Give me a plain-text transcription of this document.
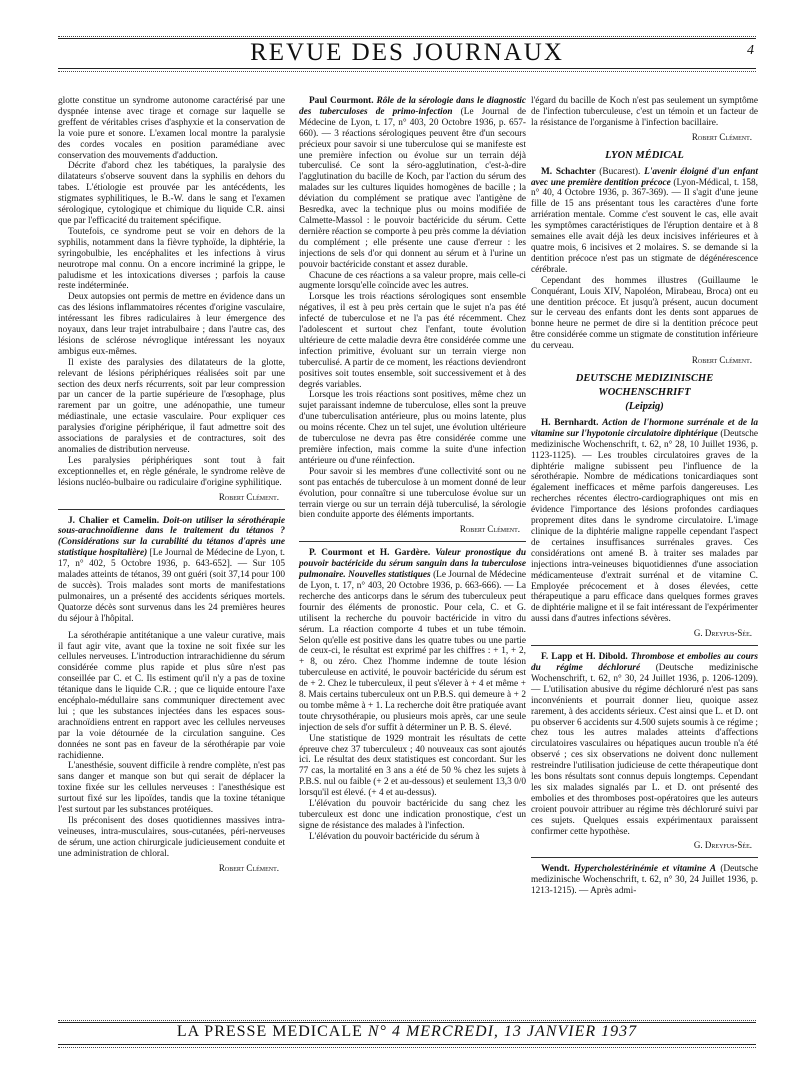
REVUE DES JOURNAUX	4

glotte constitue un syndrome autonome caractérisé par une dyspnée intense avec tirage et cornage sur laquelle se greffent de véritables crises d'asphyxie et la conservation de la voie pure et sonore. L'examen local montre la paralysie des cordes vocales en position paramédiane avec conservation des mouvements d'adduction.

Décrite d'abord chez les tabétiques, la paralysie des dilatateurs s'observe souvent dans la syphilis en dehors du tabes. L'étiologie est prouvée par les antécédents, les stigmates syphilitiques, le B.-W. dans le sang et l'examen sérologique, cytologique et chimique du liquide C.R. ainsi que par l'efficacité du traitement spécifique.

Toutefois, ce syndrome peut se voir en dehors de la syphilis, notamment dans la fièvre typhoïde, la diphtérie, la syringobulbie, les encéphalites et les infections à virus neurotrope mal connu. On a encore incriminé la grippe, le paludisme et les intoxications diverses ; parfois la cause reste indéterminée.

Deux autopsies ont permis de mettre en évidence dans un cas des lésions inflammatoires récentes d'origine vasculaire, intéressant les fibres radiculaires à leur émergence des noyaux, dans leur trajet intrabulbaire ; dans l'autre cas, des lésions de sclérose névroglique intéressant les noyaux ambigus eux-mêmes.

Il existe des paralysies des dilatateurs de la glotte, relevant de lésions périphériques réalisées soit par une section des deux nerfs récurrents, soit par leur compression par un cancer de la partie supérieure de l'œsophage, plus rarement par un goitre, une adénopathie, une tumeur médiastinale, une ectasie vasculaire. Pour expliquer ces paralysies d'origine périphérique, il faut admettre soit des associations de paralysies et de contractures, soit des anomalies de distribution nerveuse.

Les paralysies périphériques sont tout à fait exceptionnelles et, en règle générale, le syndrome relève de lésions nucléo-bulbaire ou radiculaire d'origine syphilitique.

Robert Clément.

J. Chalier et Camelin. Doit-on utiliser la sérothérapie sous-arachnoïdienne dans le traitement du tétanos ? (Considérations sur la curabilité du tétanos d'après une statistique hospitalière) [Le Journal de Médecine de Lyon, t. 17, n° 402, 5 Octobre 1936, p. 643-652]. — Sur 105 malades atteints de tétanos, 39 ont guéri (soit 37,14 pour 100 de succès). Trois malades sont morts de manifestations pulmonaires, un a présenté des accidents sériques mortels. Quatorze décès sont survenus dans les 24 premières heures du séjour à l'hôpital.

La sérothérapie antitétanique a une valeur curative, mais il faut agir vite, avant que la toxine ne soit fixée sur les cellules nerveuses. L'introduction intrarachidienne du sérum considérée comme plus rapide et plus sûre n'est pas conseillée par C. et C. Ils estiment qu'il n'y a pas de toxine tétanique dans le liquide C.R. ; que ce liquide entoure l'axe encéphalo-médullaire sans communiquer directement avec lui ; que les substances injectées dans les espaces sous-arachnoïdiens entrent en rapport avec les cellules nerveuses par la voie détournée de la circulation sanguine. Ces données ne sont pas en faveur de la sérothérapie par voie rachidienne.

L'anesthésie, souvent difficile à rendre complète, n'est pas sans danger et manque son but qui serait de déplacer la toxine fixée sur les cellules nerveuses : l'anesthésique est surtout fixé sur les lipoïdes, tandis que la toxine tétanique l'est surtout par les substances protéiques.

Ils préconisent des doses quotidiennes massives intra-veineuses, intra-musculaires, sous-cutanées, péri-nerveuses de sérum, une action chirurgicale judicieusement conduite et une administration de chloral.

Robert Clément.

Paul Courmont. Rôle de la sérologie dans le diagnostic des tuberculoses de primo-infection (Le Journal de Médecine de Lyon, t. 17, n° 403, 20 Octobre 1936, p. 657-660). — 3 réactions sérologiques peuvent être d'un secours précieux pour savoir si une tuberculose qui se manifeste est une première infection ou évolue sur un terrain déjà tuberculisé. Ce sont la séro-agglutination, c'est-à-dire l'agglutination du bacille de Koch, par l'action du sérum des malades sur les cultures liquides homogènes de bacille ; la déviation du complément se pratique avec l'antigène de Besredka, avec la technique plus ou moins modifiée de Calmette-Massol : le pouvoir bactéricide du sérum. Cette dernière réaction se comporte à peu près comme la déviation du complément ; elle présente une cause d'erreur : les injections de sels d'or qui donnent au sérum et à l'urine un pouvoir bactéricide constant et assez durable.

Chacune de ces réactions a sa valeur propre, mais celle-ci augmente lorsqu'elle coïncide avec les autres.

Lorsque les trois réactions sérologiques sont ensemble négatives, il est à peu près certain que le sujet n'a pas été infecté de tuberculose et ne l'a pas été récemment. Chez l'adolescent et surtout chez l'enfant, toute évolution ultérieure de cette maladie devra être considérée comme une infection primitive, évoluant sur un terrain vierge non tuberculisé. A partir de ce moment, les réactions deviendront positives soit toutes ensemble, soit successivement et à des degrés variables.

Lorsque les trois réactions sont positives, même chez un sujet paraissant indemne de tuberculose, elles sont la preuve d'une tuberculisation antérieure, plus ou moins latente, plus ou moins récente. Chez un tel sujet, une évolution ultérieure de tuberculose ne devra pas être considérée comme une première infection, mais comme la suite d'une infection antérieure ou d'une réinfection.

Pour savoir si les membres d'une collectivité sont ou ne sont pas entachés de tuberculose à un moment donné de leur évolution, pour connaître si une tuberculose évolue sur un terrain vierge ou sur un terrain déjà tuberculisé, la sérologie bien conduite apporte des éléments importants.

Robert Clément.

P. Courmont et H. Gardère. Valeur pronostique du pouvoir bactéricide du sérum sanguin dans la tuberculose pulmonaire. Nouvelles statistiques (Le Journal de Médecine de Lyon, t. 17, n° 403, 20 Octobre 1936, p. 663-666). — La recherche des anticorps dans le sérum des tuberculeux peut fournir des éléments de pronostic. Pour cela, C. et G. utilisent la recherche du pouvoir bactéricide in vitro du sérum. La réaction comporte 4 tubes et un tube témoin. Selon qu'elle est positive dans les quatre tubes ou une partie de ceux-ci, le résultat est exprimé par les chiffres : + 1, + 2, + 8, ou zéro. Chez l'homme indemne de toute lésion tuberculeuse en activité, le pouvoir bactéricide du sérum est de + 2. Chez le tuberculeux, il peut s'élever à + 4 et même + 8. Mais certains tuberculeux ont un P.B.S. qui demeure à + 2 ou tombe même à + 1. La recherche doit être pratiquée avant toute chrysothérapie, ou plusieurs mois après, car une seule injection de sels d'or suffit à déterminer un P. B. S. élevé.

Une statistique de 1929 montrait les résultats de cette épreuve chez 37 tuberculeux ; 40 nouveaux cas sont ajoutés ici. Le résultat des deux statistiques est concordant. Sur les 77 cas, la mortalité en 3 ans a été de 50 % chez les sujets à P.B.S. nul ou faible (+ 2 et au-dessous) et seulement 13,3 0/0 lorsqu'il est élevé. (+ 4 et au-dessus).

L'élévation du pouvoir bactéricide du sang chez les tuberculeux est donc une indication pronostique, c'est un signe de résistance des malades à l'infection.

L'élévation du pouvoir bactéricide du sérum à

l'égard du bacille de Koch n'est pas seulement un symptôme de l'infection tuberculeuse, c'est un témoin et un facteur de la résistance de l'organisme à l'infection bacillaire.

Robert Clément.
LYON MÉDICAL

M. Schachter (Bucarest). L'avenir éloigné d'un enfant avec une première dentition précoce (Lyon-Médical, t. 158, n° 40, 4 Octobre 1936, p. 367-369). — Il s'agit d'une jeune fille de 15 ans présentant tous les caractères d'une forte arriération mentale. Comme c'est souvent le cas, elle avait les symptômes caractéristiques de l'éruption dentaire et à 8 semaines elle avait déjà les deux incisives inférieures et à quatre mois, 6 incisives et 2 molaires. S. se demande si la dentition précoce n'est pas un stigmate de dégénérescence cérébrale.

Cependant des hommes illustres (Guillaume le Conquérant, Louis XIV, Napoléon, Mirabeau, Broca) ont eu une dentition précoce. Et jusqu'à présent, aucun document sur le cerveau des enfants dont les dents sont apparues de bonne heure ne permet de dire si la dentition précoce peut être considérée comme un stigmate de constitution inférieure du cerveau.

Robert Clément.
DEUTSCHE MEDIZINISCHE WOCHENSCHRIFT
(Leipzig)

H. Bernhardt. Action de l'hormone surrénale et de la vitamine sur l'hypotonie circulatoire diphtérique (Deutsche medizinische Wochenschrift, t. 62, n° 28, 10 Juillet 1936, p. 1123-1125). — Les troubles circulatoires graves de la diphtérie maligne subissent peu l'influence de la sérothérapie. Nombre de médications tonicardiaques sont également inefficaces et même parfois dangereuses. Les recherches récentes électro-cardiographiques ont mis en évidence l'importance des lésions profondes cardiaques proprement dites dans le syndrome circulatoire. L'image clinique de la diphtérie maligne rappelle cependant l'aspect de certaines insuffisances surrénales graves. Ces considérations ont amené B. à traiter ses malades par injections intra-veineuses biquotidiennes d'une association médicamenteuse d'extrait surrénal et de vitamine C. Employée précocement et à doses élevées, cette thérapeutique a paru efficace dans quelques formes graves de diphtérie maligne et il se fait intéressant de l'expérimenter aussi dans d'autres infections sévères.

G. Dreyfus-Sée.

F. Lapp et H. Dibold. Thrombose et embolies au cours du régime déchloruré (Deutsche medizinische Wochenschrift, t. 62, n° 30, 24 Juillet 1936, p. 1206-1209). — L'utilisation abusive du régime déchloruré n'est pas sans inconvénients et pourrait donner lieu, quoique assez rarement, à des accidents sérieux. C'est ainsi que L. et D. ont pu observer 6 accidents sur 4.500 sujets soumis à ce régime ; chez tous les autres malades atteints d'affections circulatoires vasculaires ou hépatiques aucun trouble n'a été observé ; ces six observations ne doivent donc nullement restreindre l'utilisation judicieuse de cette thérapeutique dont les bons résultats sont connus depuis longtemps. Cependant les six malades signalés par L. et D. ont présenté des embolies et des thromboses post-opératoires que les auteurs croient pouvoir attribuer au régime très déchloruré suivi par ces sujets. Quelques essais expérimentaux paraissent confirmer cette hypothèse.

G. Dreyfus-Sée.

Wendt. Hypercholestérinémie et vitamine A (Deutsche medizinische Wochenschrift, t. 62, n° 30, 24 Juillet 1936, p. 1213-1215). — Après admi-

LA PRESSE MEDICALE N° 4 MERCREDI, 13 JANVIER 1937
